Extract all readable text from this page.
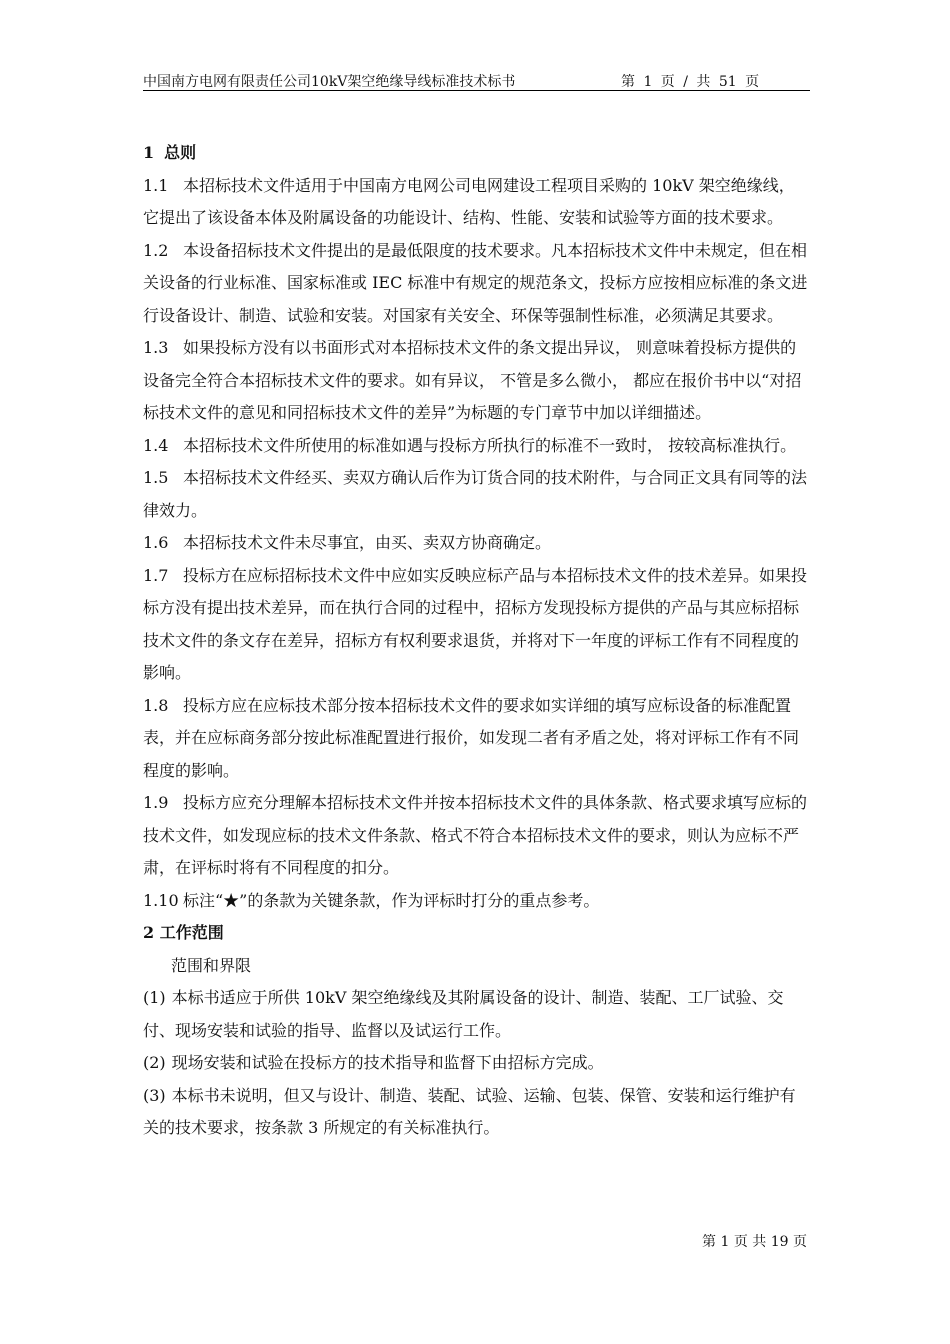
中国南方电网有限责任公司10kV架空绝缘导线标准技术标书	第 1 页 / 共 51 页
1 总则
1.1 本招标技术文件适用于中国南方电网公司电网建设工程项目采购的 10kV 架空绝缘线，它提出了该设备本体及附属设备的功能设计、结构、性能、安装和试验等方面的技术要求。
1.2 本设备招标技术文件提出的是最低限度的技术要求。凡本招标技术文件中未规定，但在相关设备的行业标准、国家标准或 IEC 标准中有规定的规范条文，投标方应按相应标准的条文进行设备设计、制造、试验和安装。对国家有关安全、环保等强制性标准，必须满足其要求。
1.3 如果投标方没有以书面形式对本招标技术文件的条文提出异议， 则意味着投标方提供的设备完全符合本招标技术文件的要求。如有异议， 不管是多么微小， 都应在报价书中以“对招标技术文件的意见和同招标技术文件的差异”为标题的专门章节中加以详细描述。
1.4 本招标技术文件所使用的标准如遇与投标方所执行的标准不一致时， 按较高标准执行。
1.5 本招标技术文件经买、卖双方确认后作为订货合同的技术附件，与合同正文具有同等的法律效力。
1.6 本招标技术文件未尽事宜，由买、卖双方协商确定。
1.7 投标方在应标招标技术文件中应如实反映应标产品与本招标技术文件的技术差异。如果投标方没有提出技术差异，而在执行合同的过程中，招标方发现投标方提供的产品与其应标招标技术文件的条文存在差异，招标方有权利要求退货，并将对下一年度的评标工作有不同程度的影响。
1.8 投标方应在应标技术部分按本招标技术文件的要求如实详细的填写应标设备的标准配置表，并在应标商务部分按此标准配置进行报价，如发现二者有矛盾之处，将对评标工作有不同程度的影响。
1.9 投标方应充分理解本招标技术文件并按本招标技术文件的具体条款、格式要求填写应标的技术文件，如发现应标的技术文件条款、格式不符合本招标技术文件的要求，则认为应标不严肃，在评标时将有不同程度的扣分。
1.10 标注“★”的条款为关键条款，作为评标时打分的重点参考。
2 工作范围
范围和界限
(1) 本标书适应于所供 10kV 架空绝缘线及其附属设备的设计、制造、装配、工厂试验、交付、现场安装和试验的指导、监督以及试运行工作。
(2) 现场安装和试验在投标方的技术指导和监督下由招标方完成。
(3) 本标书未说明，但又与设计、制造、装配、试验、运输、包装、保管、安装和运行维护有关的技术要求，按条款 3 所规定的有关标准执行。
第 1 页 共 19 页
